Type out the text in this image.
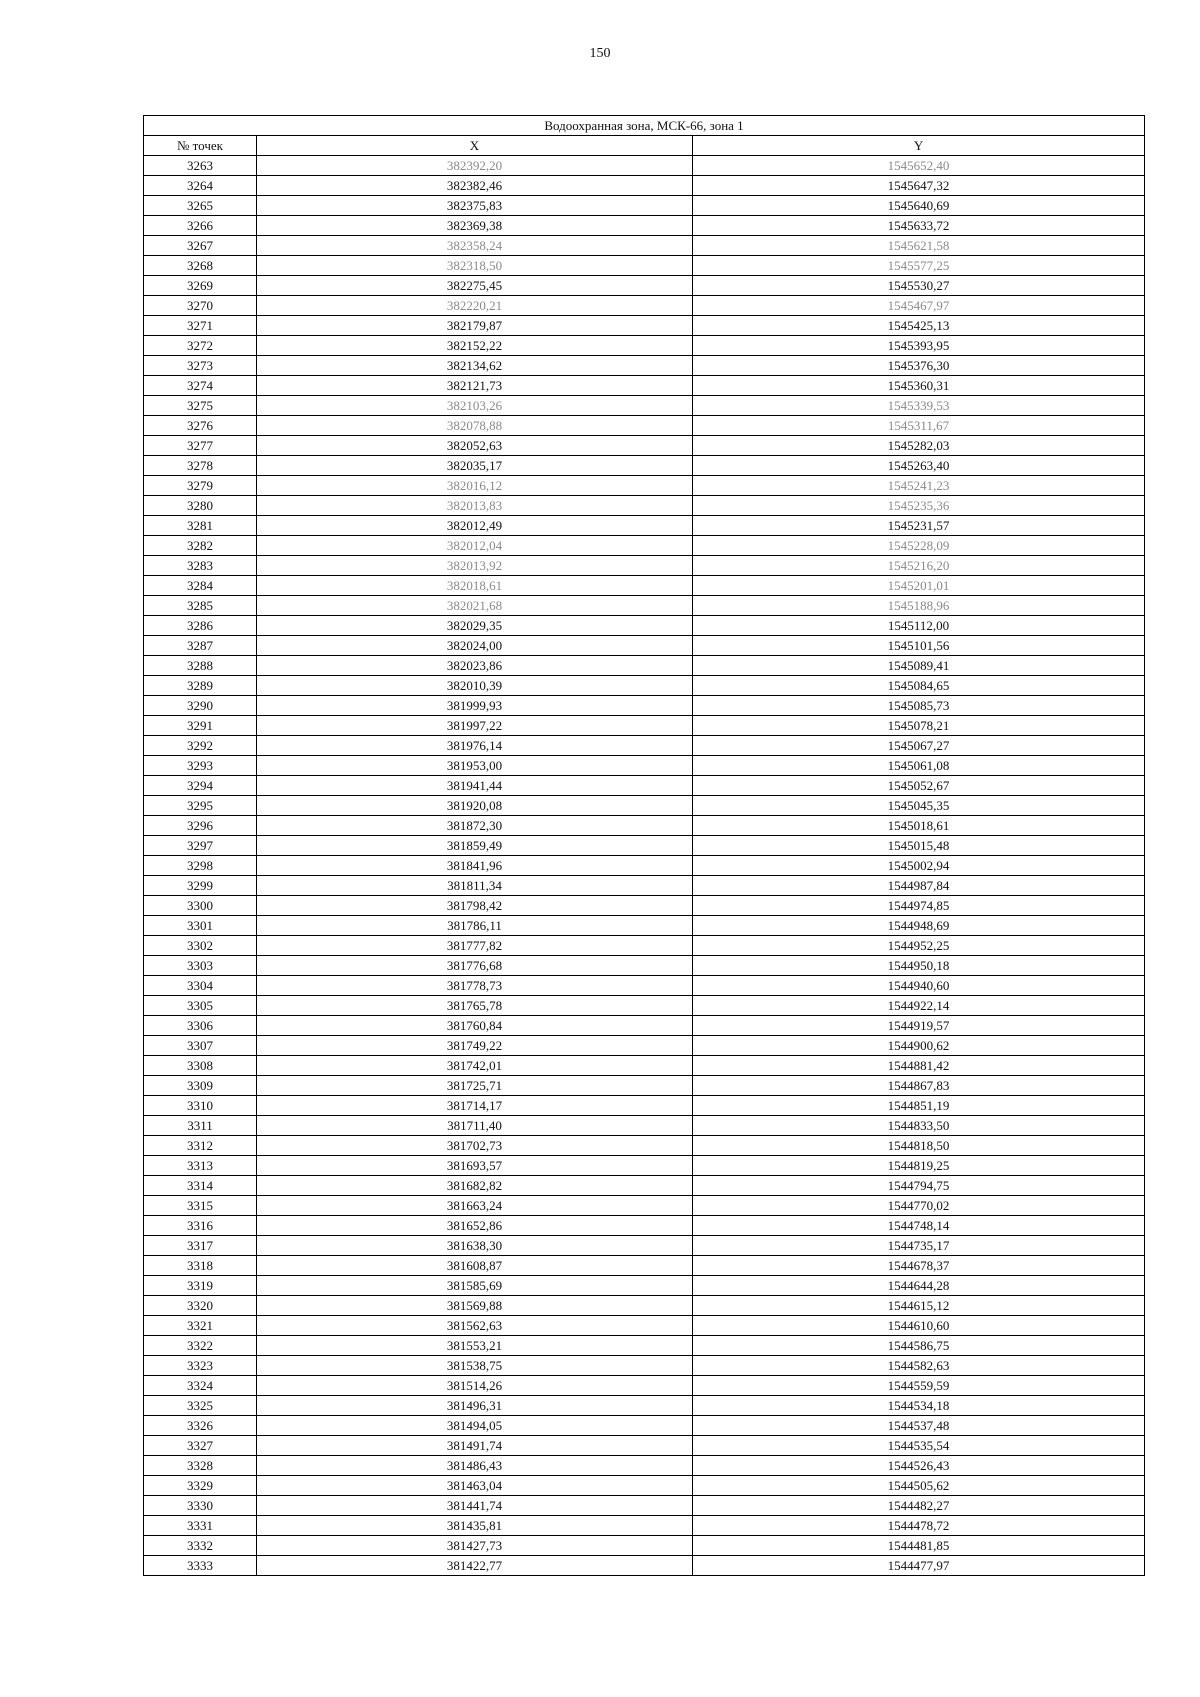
150
Водоохранная зона, МСК-66, зона 1		
№ точек	X	Y
3263	382392,20	1545652,40
3264	382382,46	1545647,32
3265	382375,83	1545640,69
3266	382369,38	1545633,72
3267	382358,24	1545621,58
3268	382318,50	1545577,25
3269	382275,45	1545530,27
3270	382220,21	1545467,97
3271	382179,87	1545425,13
3272	382152,22	1545393,95
3273	382134,62	1545376,30
3274	382121,73	1545360,31
3275	382103,26	1545339,53
3276	382078,88	1545311,67
3277	382052,63	1545282,03
3278	382035,17	1545263,40
3279	382016,12	1545241,23
3280	382013,83	1545235,36
3281	382012,49	1545231,57
3282	382012,04	1545228,09
3283	382013,92	1545216,20
3284	382018,61	1545201,01
3285	382021,68	1545188,96
3286	382029,35	1545112,00
3287	382024,00	1545101,56
3288	382023,86	1545089,41
3289	382010,39	1545084,65
3290	381999,93	1545085,73
3291	381997,22	1545078,21
3292	381976,14	1545067,27
3293	381953,00	1545061,08
3294	381941,44	1545052,67
3295	381920,08	1545045,35
3296	381872,30	1545018,61
3297	381859,49	1545015,48
3298	381841,96	1545002,94
3299	381811,34	1544987,84
3300	381798,42	1544974,85
3301	381786,11	1544948,69
3302	381777,82	1544952,25
3303	381776,68	1544950,18
3304	381778,73	1544940,60
3305	381765,78	1544922,14
3306	381760,84	1544919,57
3307	381749,22	1544900,62
3308	381742,01	1544881,42
3309	381725,71	1544867,83
3310	381714,17	1544851,19
3311	381711,40	1544833,50
3312	381702,73	1544818,50
3313	381693,57	1544819,25
3314	381682,82	1544794,75
3315	381663,24	1544770,02
3316	381652,86	1544748,14
3317	381638,30	1544735,17
3318	381608,87	1544678,37
3319	381585,69	1544644,28
3320	381569,88	1544615,12
3321	381562,63	1544610,60
3322	381553,21	1544586,75
3323	381538,75	1544582,63
3324	381514,26	1544559,59
3325	381496,31	1544534,18
3326	381494,05	1544537,48
3327	381491,74	1544535,54
3328	381486,43	1544526,43
3329	381463,04	1544505,62
3330	381441,74	1544482,27
3331	381435,81	1544478,72
3332	381427,73	1544481,85
3333	381422,77	1544477,97
